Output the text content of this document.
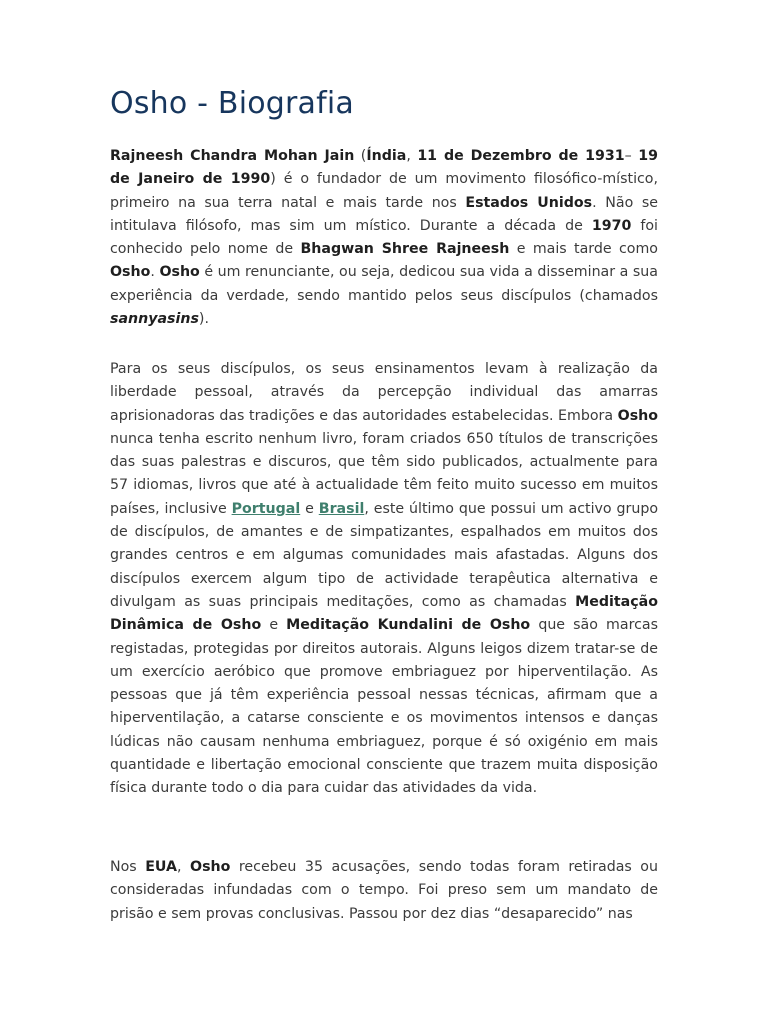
Osho - Biografia

Rajneesh Chandra Mohan Jain (Índia, 11 de Dezembro de 1931– 19 de Janeiro de 1990) é o fundador de um movimento filosófico-místico, primeiro na sua terra natal e mais tarde nos Estados Unidos. Não se intitulava filósofo, mas sim um místico. Durante a década de 1970 foi conhecido pelo nome de Bhagwan Shree Rajneesh e mais tarde como Osho. Osho é um renunciante, ou seja, dedicou sua vida a disseminar a sua experiência da verdade, sendo mantido pelos seus discípulos (chamados sannyasins).

Para os seus discípulos, os seus ensinamentos levam à realização da liberdade pessoal, através da percepção individual das amarras aprisionadoras das tradições e das autoridades estabelecidas. Embora Osho nunca tenha escrito nenhum livro, foram criados 650 títulos de transcrições das suas palestras e discuros, que têm sido publicados, actualmente para 57 idiomas, livros que até à actualidade têm feito muito sucesso em muitos países, inclusive Portugal e Brasil, este último que possui um activo grupo de discípulos, de amantes e de simpatizantes, espalhados em muitos dos grandes centros e em algumas comunidades mais afastadas. Alguns dos discípulos exercem algum tipo de actividade terapêutica alternativa e divulgam as suas principais meditações, como as chamadas Meditação Dinâmica de Osho e Meditação Kundalini de Osho que são marcas registadas, protegidas por direitos autorais. Alguns leigos dizem tratar-se de um exercício aeróbico que promove embriaguez por hiperventilação. As pessoas que já têm experiência pessoal nessas técnicas, afirmam que a hiperventilação, a catarse consciente e os movimentos intensos e danças lúdicas não causam nenhuma embriaguez, porque é só oxigénio em mais quantidade e libertação emocional consciente que trazem muita disposição física durante todo o dia para cuidar das atividades da vida.

Nos EUA, Osho recebeu 35 acusações, sendo todas foram retiradas ou consideradas infundadas com o tempo. Foi preso sem um mandato de prisão e sem provas conclusivas. Passou por dez dias “desaparecido” nas
